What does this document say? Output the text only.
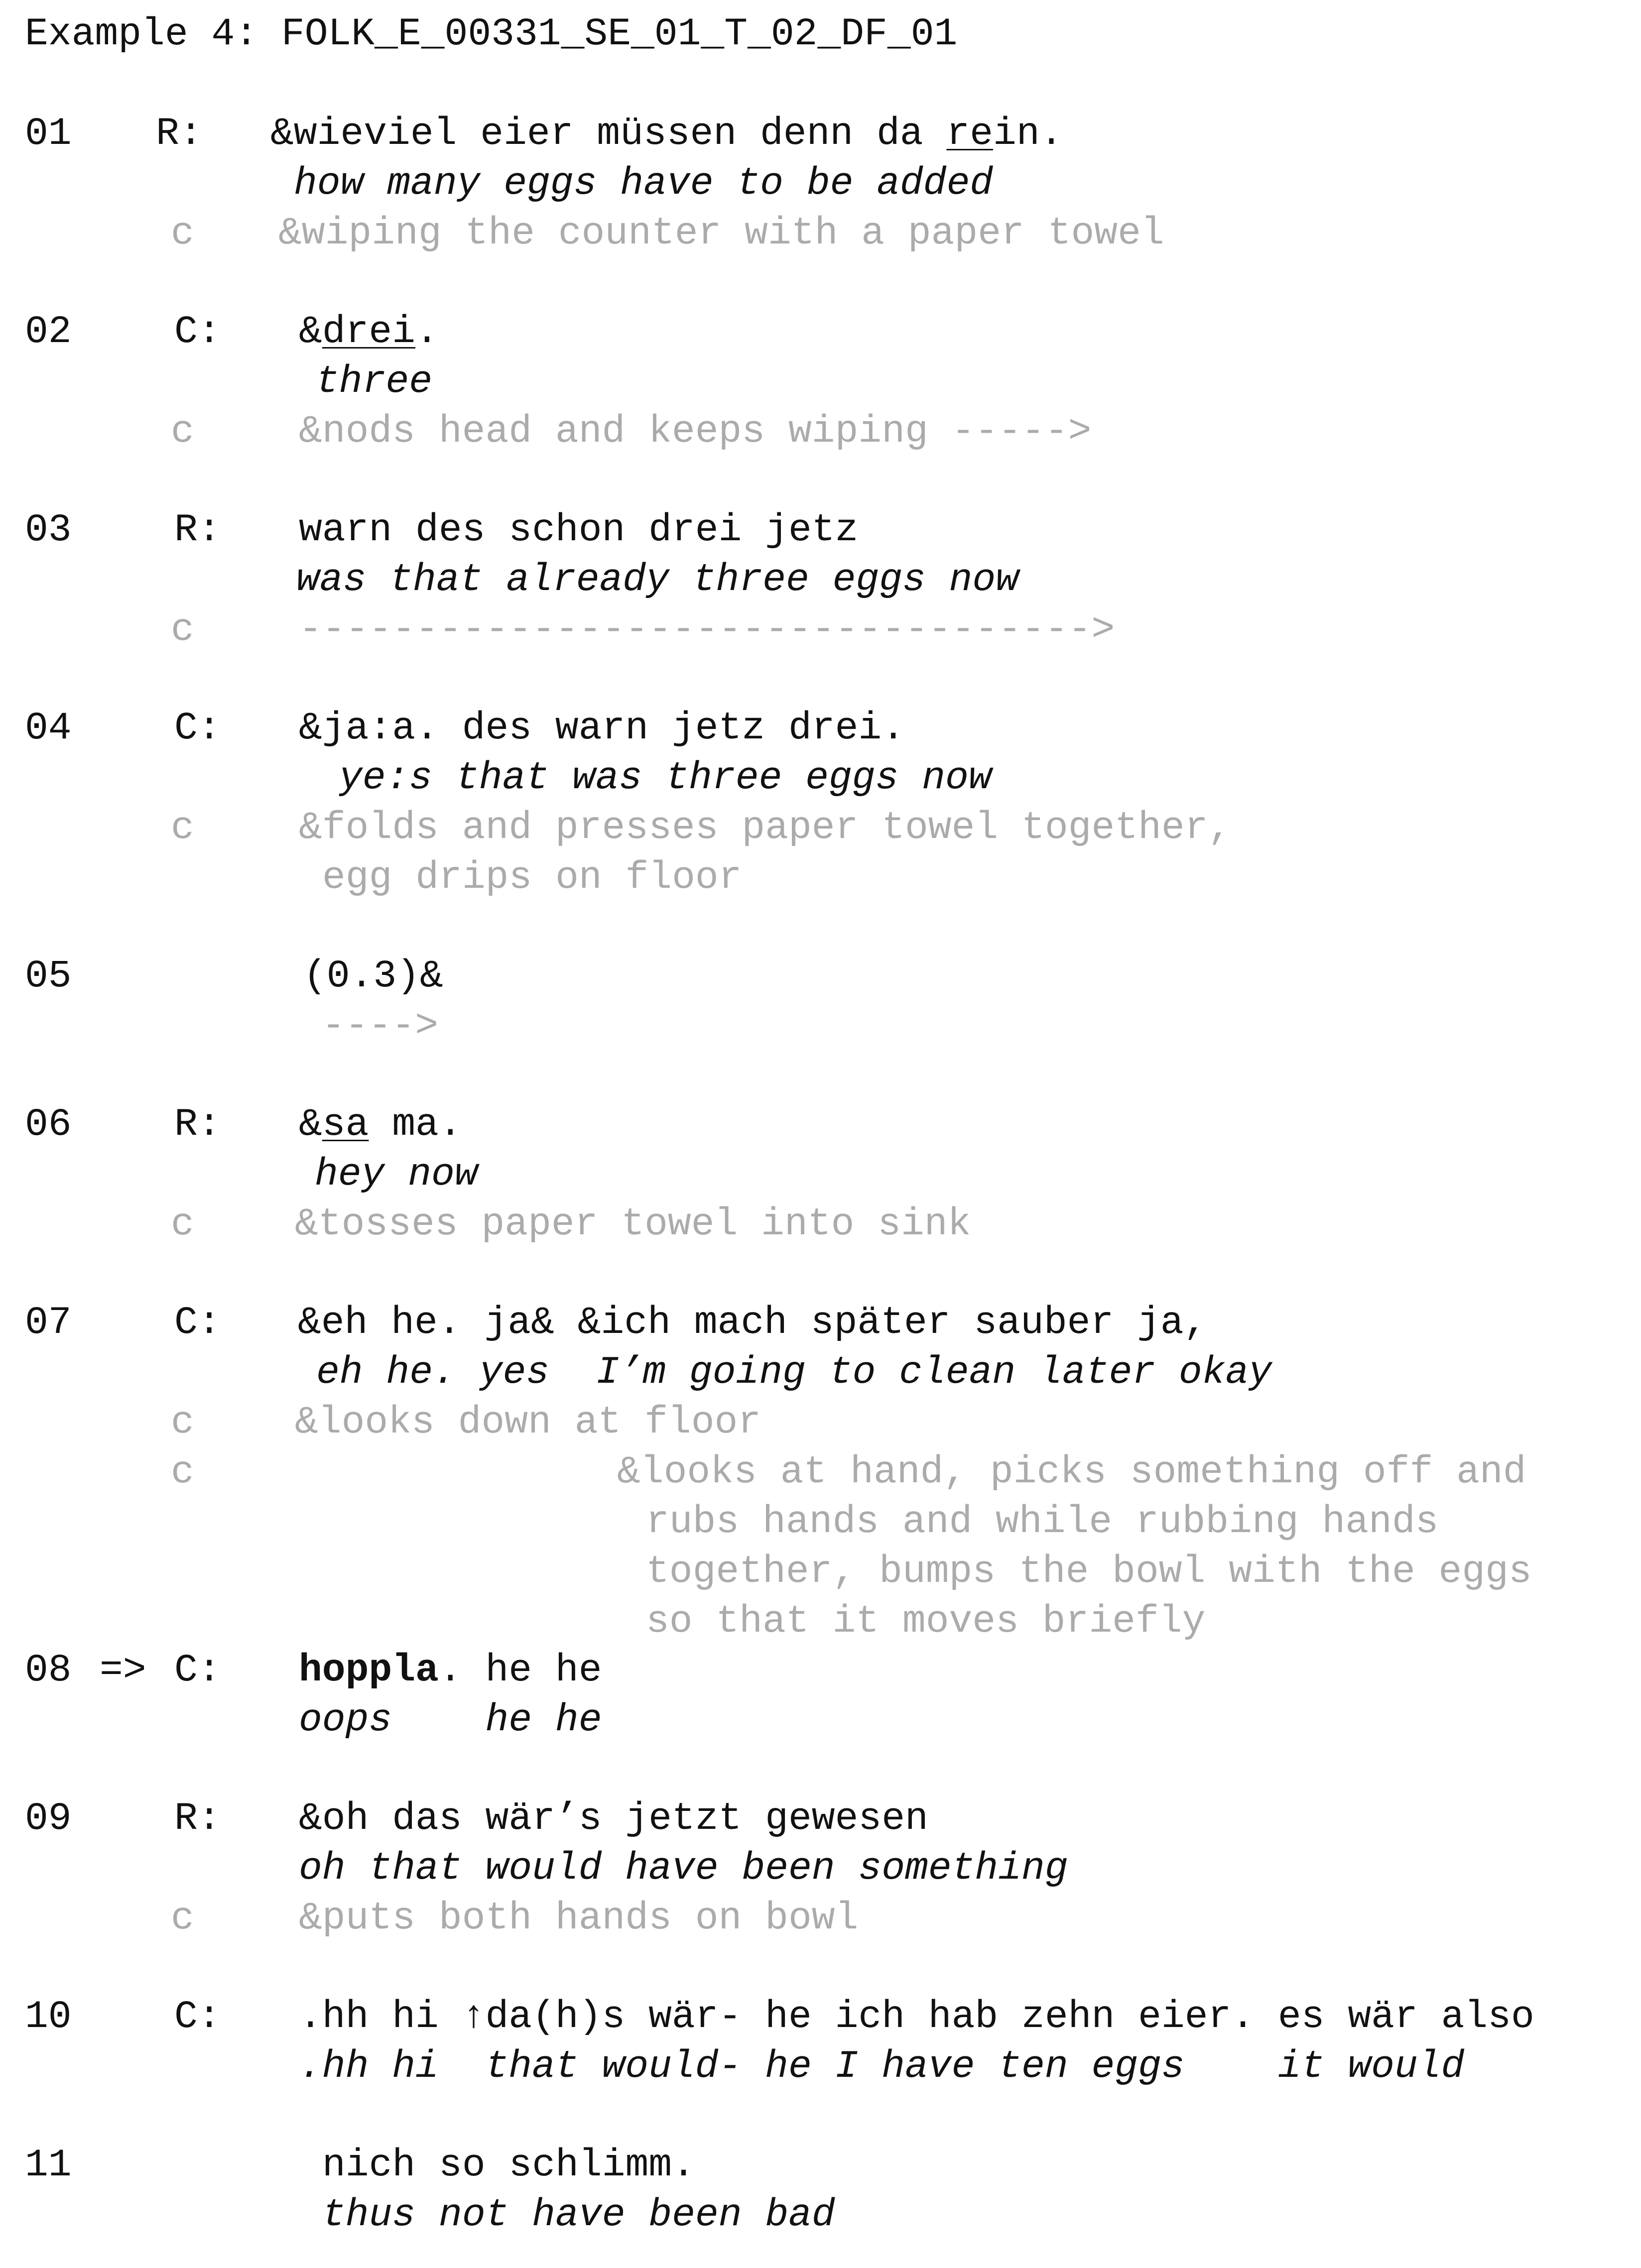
Example 4: FOLK_E_00331_SE_01_T_02_DF_01
01 R: &wieviel eier müssen denn da rein.
how many eggs have to be added
c &wiping the counter with a paper towel
02	C: &drei.
three
c	&nods head and keeps wiping ----->
03	R: warn des schon drei jetz
was that already three eggs now
c	---------------------------------->
04	C: &ja:a. des warn jetz drei.
ye:s that was three eggs now
c	&folds and presses paper towel together,
egg drips on floor
05	(0.3)&
---->
06	R: &sa ma.
hey now
c	&tosses paper towel into sink
07	C: &eh he. ja& &ich mach später sauber ja,
eh he. yes  I’m going to clean later okay
c	&looks down at floor
c	&looks at hand, picks something off and
rubs hands and while rubbing hands
together, bumps the bowl with the eggs
so that it moves briefly
08 => C: hoppla. he he
oops    he he
09	R: &oh das wär’s jetzt gewesen
oh that would have been something
c	&puts both hands on bowl
10	C: .hh hi ↑da(h)s wär- he ich hab zehn eier. es wär also
.hh hi  that would- he I have ten eggs    it would
11	nich so schlimm.
thus not have been bad
